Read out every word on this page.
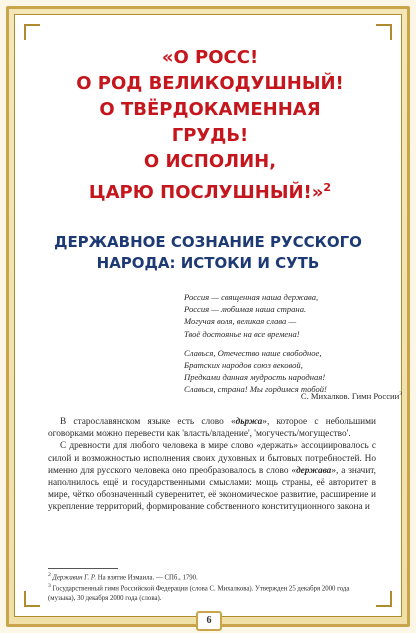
«О РОСС!
О РОД ВЕЛИКОДУШНЫЙ!
О ТВЁРДОКАМЕННАЯ ГРУДЬ!
О ИСПОЛИН,
ЦАРЮ ПОСЛУШНЫЙ!»$^2$
ДЕРЖАВНОЕ СОЗНАНИЕ РУССКОГО
НАРОДА: ИСТОКИ И СУТЬ
Россия — священная наша держава,
Россия — любимая наша страна.
Могучая воля, великая слава —
Твоё достоянье на все времена!
Славься, Отечество наше свободное,
Братских народов союз вековой,
Предками данная мудрость народная!
Славься, страна! Мы гордимся тобой!
С. Михалков. Гимн России$^3$

В старославянском языке есть слово «дьржа», которое с небольшими оговорками можно перевести как 'власть/владение', 'могучесть/могущество'.

С древности для любого человека в мире слово «держать» ассоциировалось с силой и возможностью исполнения своих духовных и бытовых потребностей. Но именно для русского человека оно преобразовалось в слово «держава», а значит, наполнилось ещё и государственными смыслами: мощь страны, её авторитет в мире, чётко обозначенный суверенитет, её экономическое развитие, расширение и укрепление территорий, формирование собственного конституционного закона и

$^2$ Державин Г. Р. На взятие Измаила. — СПб., 1790.
$^3$ Государственный гимн Российской Федерации (слова С. Михалкова). Утвержден 25 декабря 2000 года (музыка), 30 декабря 2000 года (слова).
6
